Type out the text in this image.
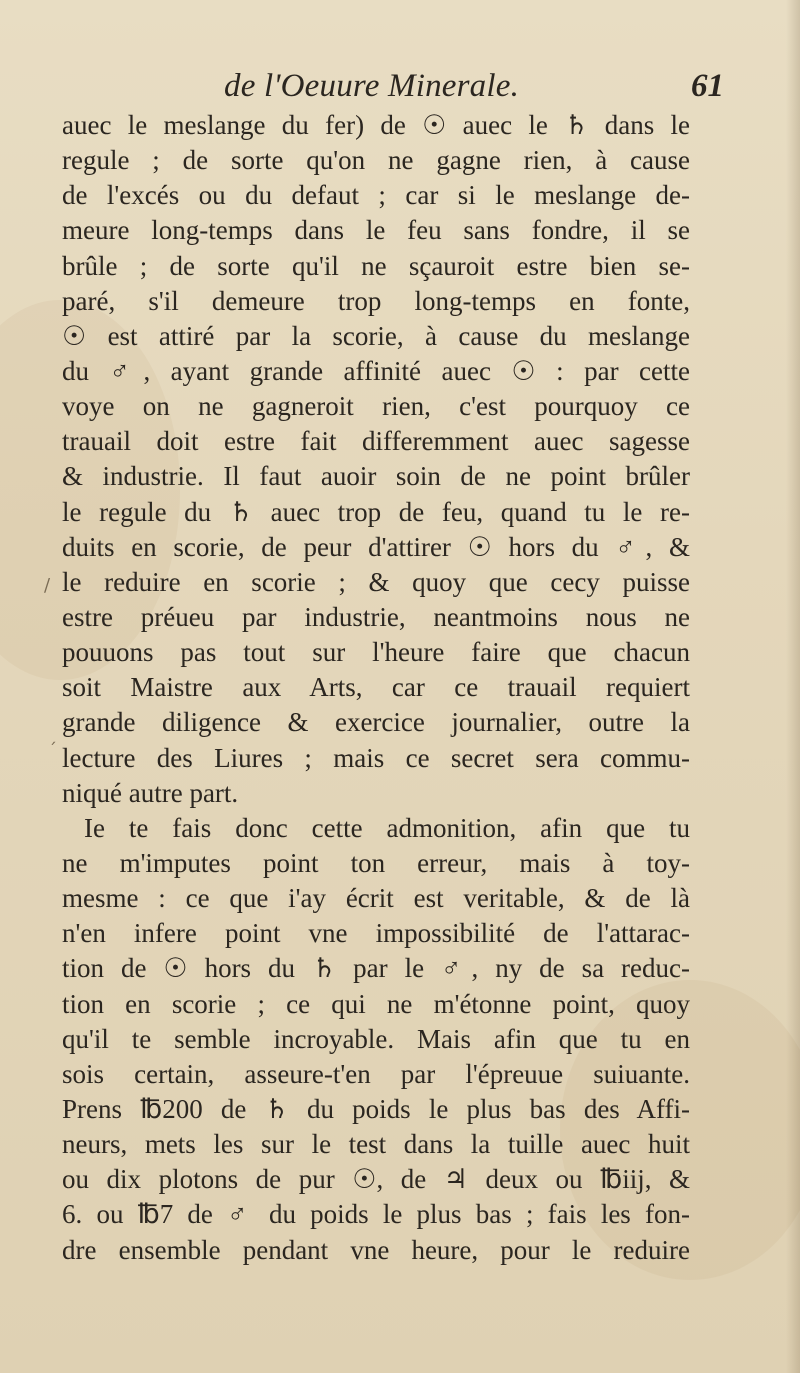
de l'Oeuure Minerale.	61
auec le meslange du fer) de ☉ auec le ♄ dans le
regule ; de sorte qu'on ne gagne rien, à cause
de l'excés ou du defaut ; car si le meslange de-
meure long-temps dans le feu sans fondre, il se
brûle ; de sorte qu'il ne sçauroit estre bien se-
paré, s'il demeure trop long-temps en fonte,
☉ est attiré par la scorie, à cause du meslange
du ♂, ayant grande affinité auec ☉ : par cette
voye on ne gagneroit rien, c'est pourquoy ce
trauail doit estre fait differemment auec sagesse
& industrie. Il faut auoir soin de ne point brûler
le regule du ♄ auec trop de feu, quand tu le re-
duits en scorie, de peur d'attirer ☉ hors du ♂, &
le reduire en scorie ; & quoy que cecy puisse
estre préueu par industrie, neantmoins nous ne
pouuons pas tout sur l'heure faire que chacun
soit Maistre aux Arts, car ce trauail requiert
grande diligence & exercice journalier, outre la
lecture des Liures ; mais ce secret sera commu-
niqué autre part.
Ie te fais donc cette admonition, afin que tu
ne m'imputes point ton erreur, mais à toy-
mesme : ce que i'ay écrit est veritable, & de là
n'en infere point vne impossibilité de l'attarac-
tion de ☉ hors du ♄ par le ♂, ny de sa reduc-
tion en scorie ; ce qui ne m'étonne point, quoy
qu'il te semble incroyable. Mais afin que tu en
sois certain, asseure-t'en par l'épreuue suiuante.
Prens ℔200 de ♄ du poids le plus bas des Affi-
neurs, mets les sur le test dans la tuille auec huit
ou dix plotons de pur ☉, de ♃ deux ou ℔iij, &
6. ou ℔7 de ♂ du poids le plus bas ; fais les fon-
dre ensemble pendant vne heure, pour le reduire
/
´
